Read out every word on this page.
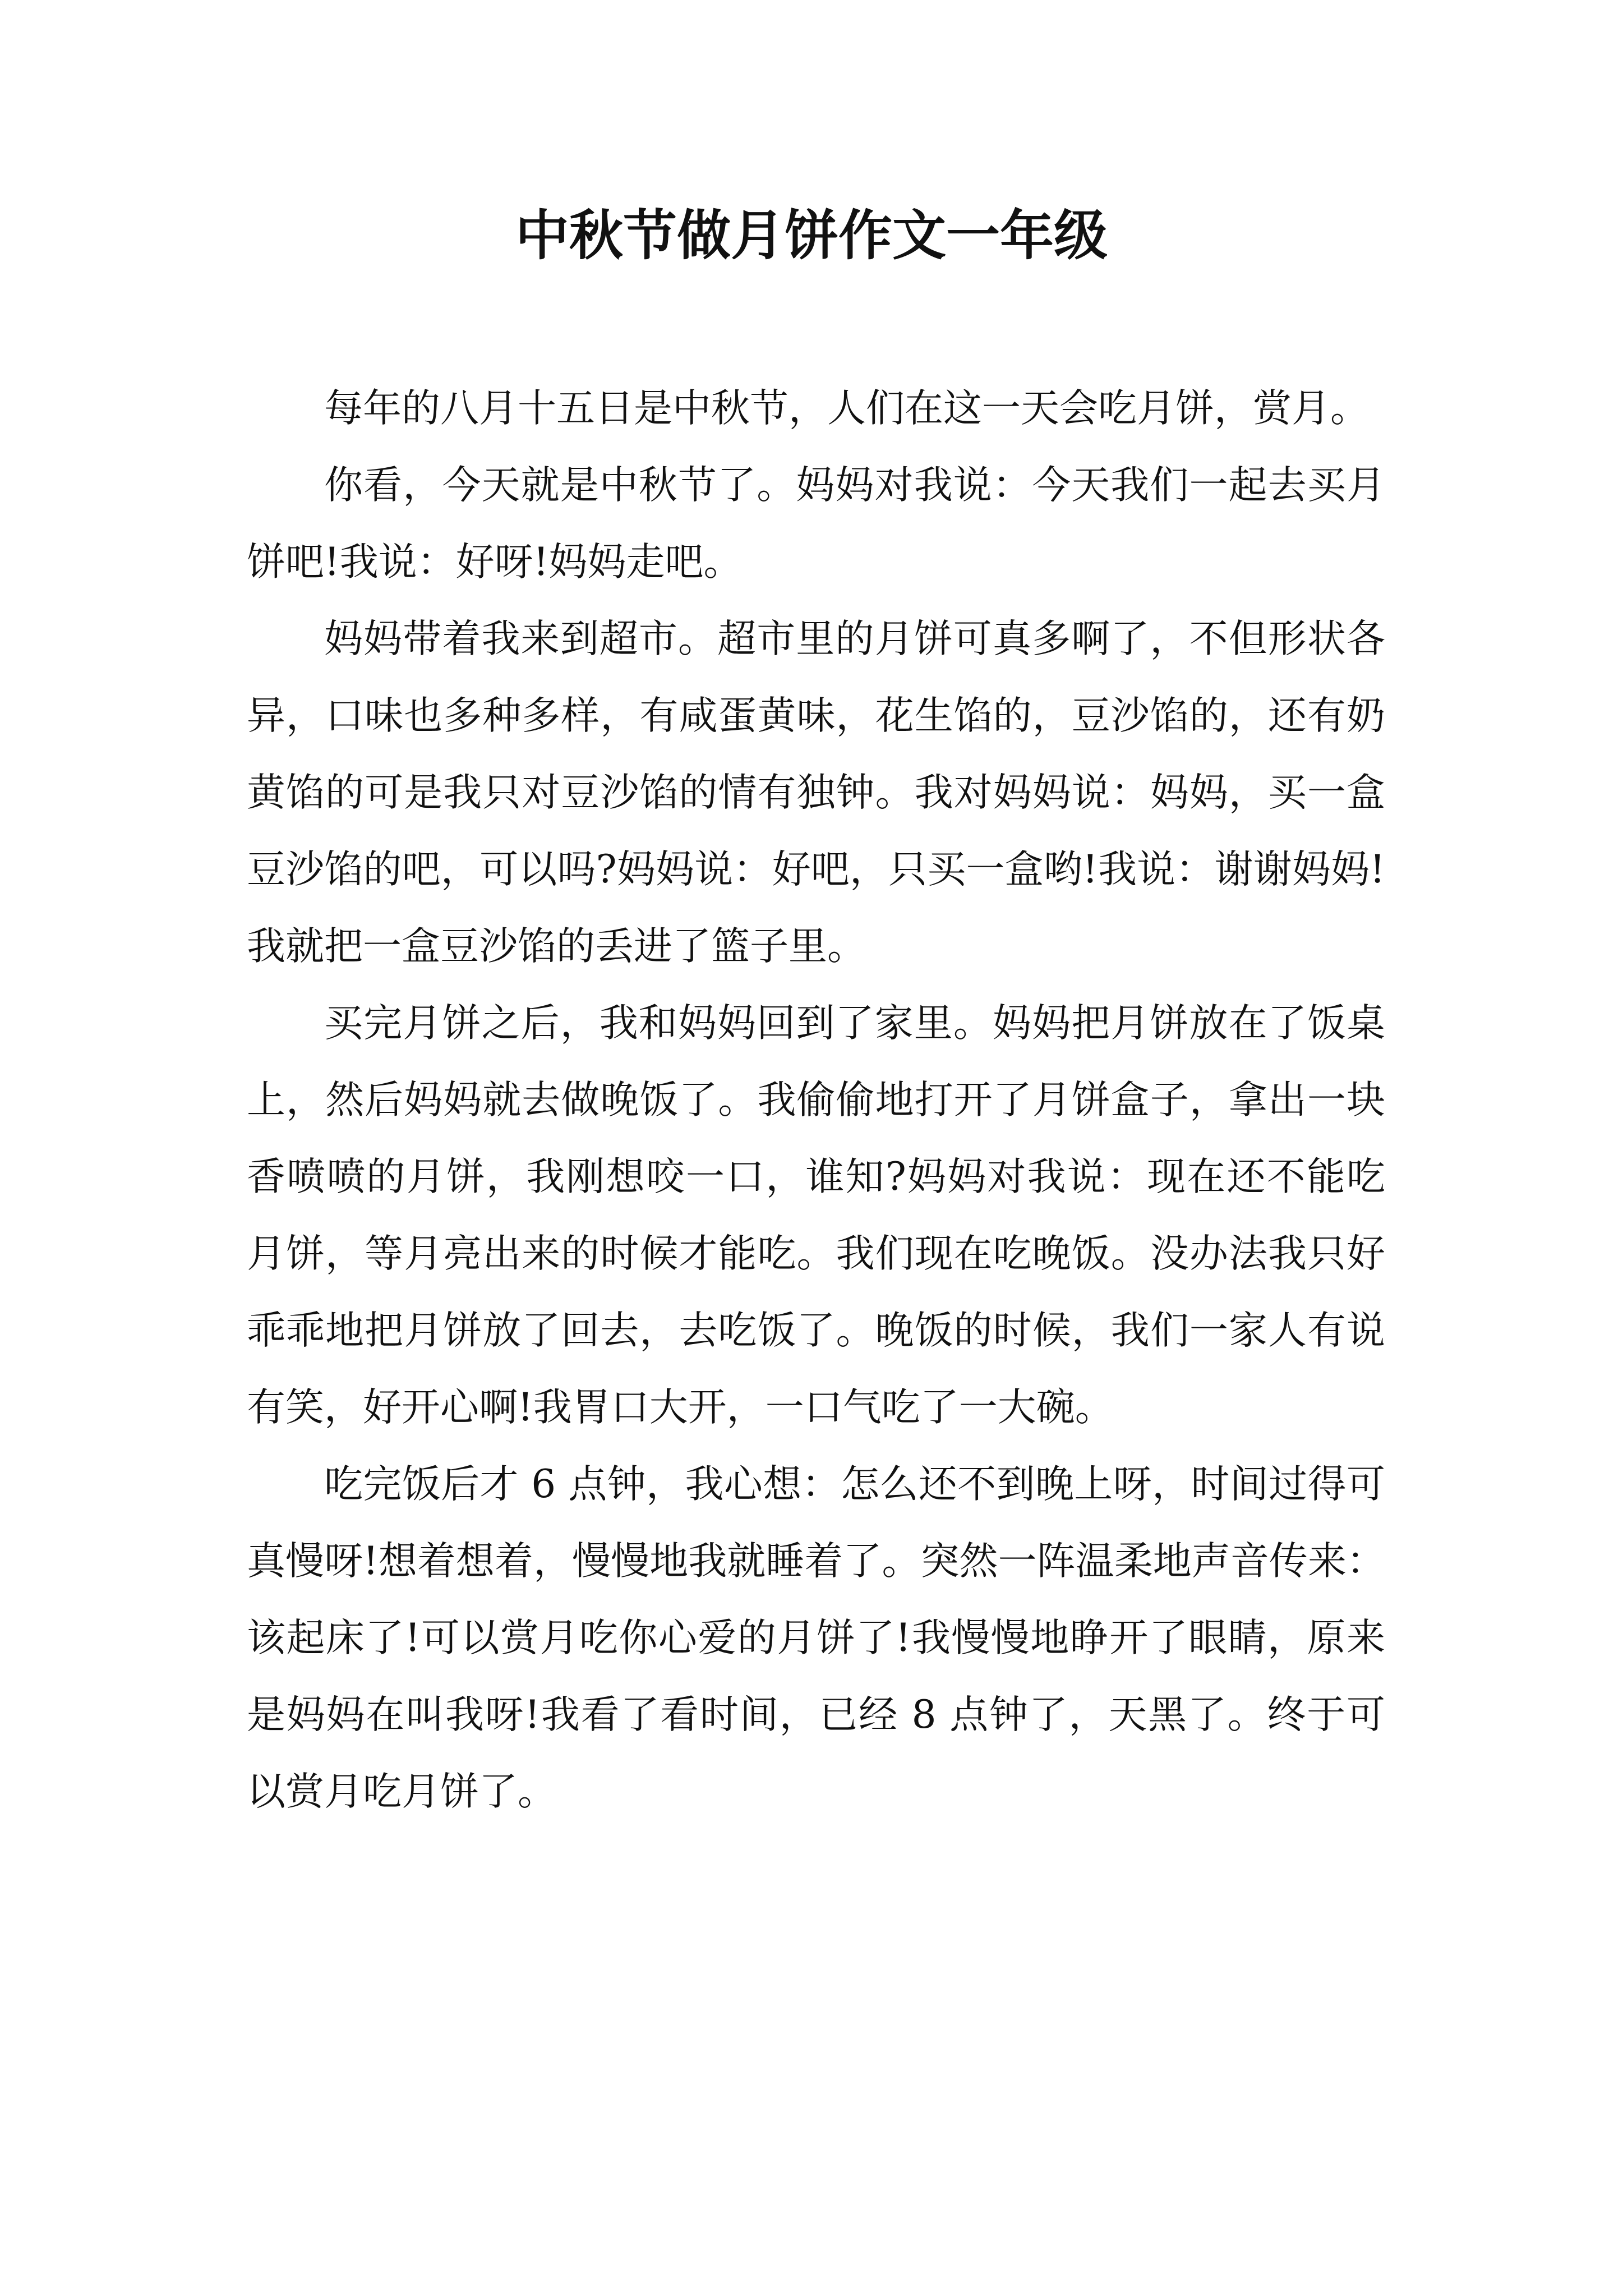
中秋节做月饼作文一年级

每年的八月十五日是中秋节，人们在这一天会吃月饼，赏月。

你看，今天就是中秋节了。妈妈对我说：今天我们一起去买月饼吧!我说：好呀!妈妈走吧。

妈妈带着我来到超市。超市里的月饼可真多啊了，不但形状各异，口味也多种多样，有咸蛋黄味，花生馅的，豆沙馅的，还有奶黄馅的可是我只对豆沙馅的情有独钟。我对妈妈说：妈妈，买一盒豆沙馅的吧，可以吗?妈妈说：好吧，只买一盒哟!我说：谢谢妈妈!我就把一盒豆沙馅的丢进了篮子里。

买完月饼之后，我和妈妈回到了家里。妈妈把月饼放在了饭桌上，然后妈妈就去做晚饭了。我偷偷地打开了月饼盒子，拿出一块香喷喷的月饼，我刚想咬一口，谁知?妈妈对我说：现在还不能吃月饼，等月亮出来的时候才能吃。我们现在吃晚饭。没办法我只好乖乖地把月饼放了回去，去吃饭了。晚饭的时候，我们一家人有说有笑，好开心啊!我胃口大开，一口气吃了一大碗。

吃完饭后才 6 点钟，我心想：怎么还不到晚上呀，时间过得可真慢呀!想着想着，慢慢地我就睡着了。突然一阵温柔地声音传来：该起床了!可以赏月吃你心爱的月饼了!我慢慢地睁开了眼睛，原来是妈妈在叫我呀!我看了看时间，已经 8 点钟了，天黑了。终于可以赏月吃月饼了。
